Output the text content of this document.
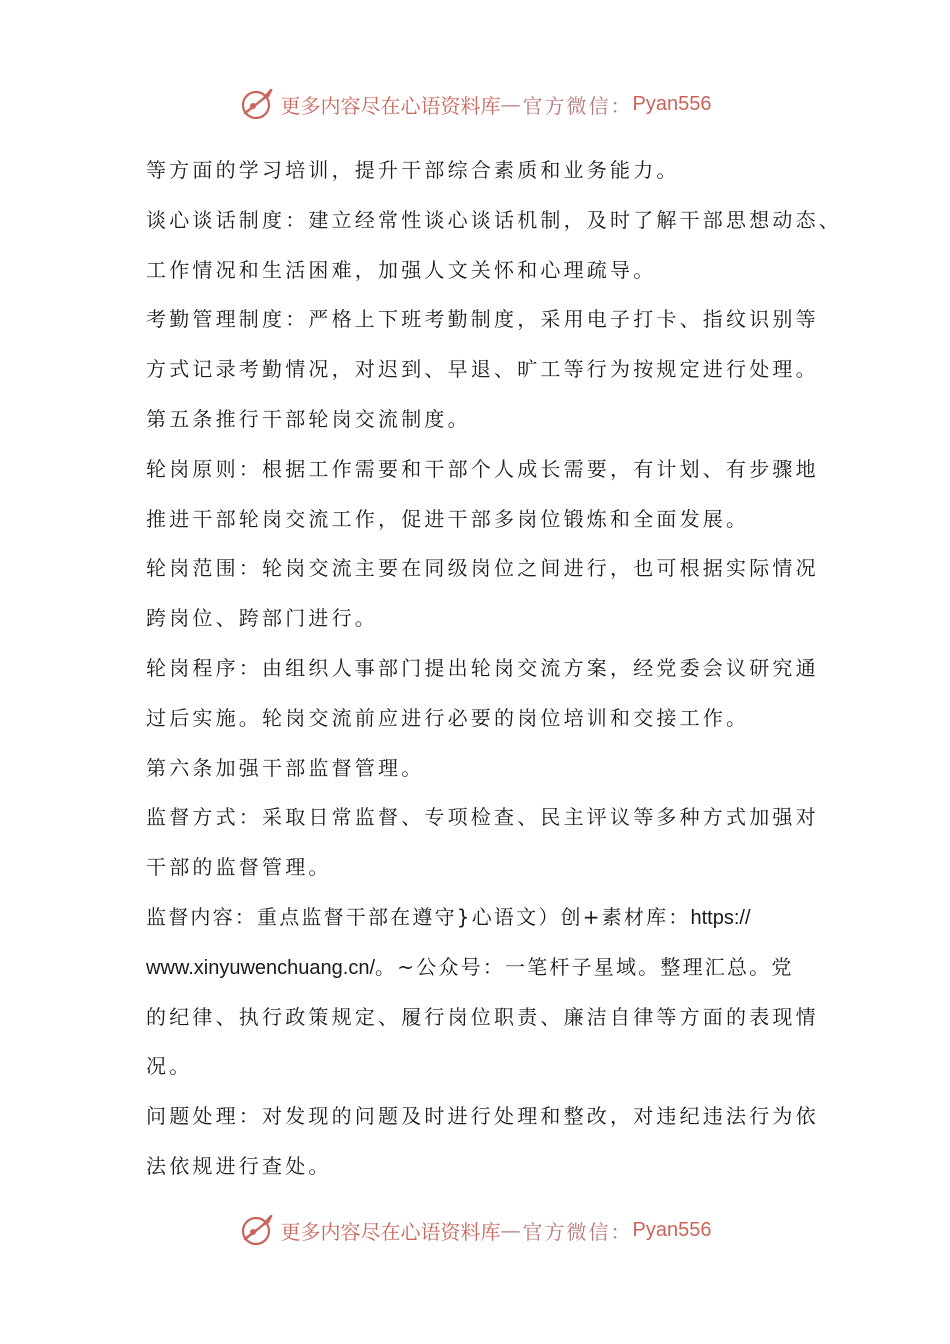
更多内容尽在心语资料库 — 官方微信： Pyan556
等方面的学习培训，提升干部综合素质和业务能力。
谈心谈话制度：建立经常性谈心谈话机制，及时了解干部思想动态、
工作情况和生活困难，加强人文关怀和心理疏导。
考勤管理制度：严格上下班考勤制度，采用电子打卡、指纹识别等
方式记录考勤情况，对迟到、早退、旷工等行为按规定进行处理。
第五条推行干部轮岗交流制度。
轮岗原则：根据工作需要和干部个人成长需要，有计划、有步骤地
推进干部轮岗交流工作，促进干部多岗位锻炼和全面发展。
轮岗范围：轮岗交流主要在同级岗位之间进行，也可根据实际情况
跨岗位、跨部门进行。
轮岗程序：由组织人事部门提出轮岗交流方案，经党委会议研究通
过后实施。轮岗交流前应进行必要的岗位培训和交接工作。
第六条加强干部监督管理。
监督方式：采取日常监督、专项检查、民主评议等多种方式加强对
干部的监督管理。
监督内容：重点监督干部在遵守}心语文）创+素材库：https://
www.xinyuwenchuang.cn/。~公众号：一笔杆子星域。整理汇总。党
的纪律、执行政策规定、履行岗位职责、廉洁自律等方面的表现情
况。
问题处理：对发现的问题及时进行处理和整改，对违纪违法行为依
法依规进行查处。
更多内容尽在心语资料库 — 官方微信： Pyan556
